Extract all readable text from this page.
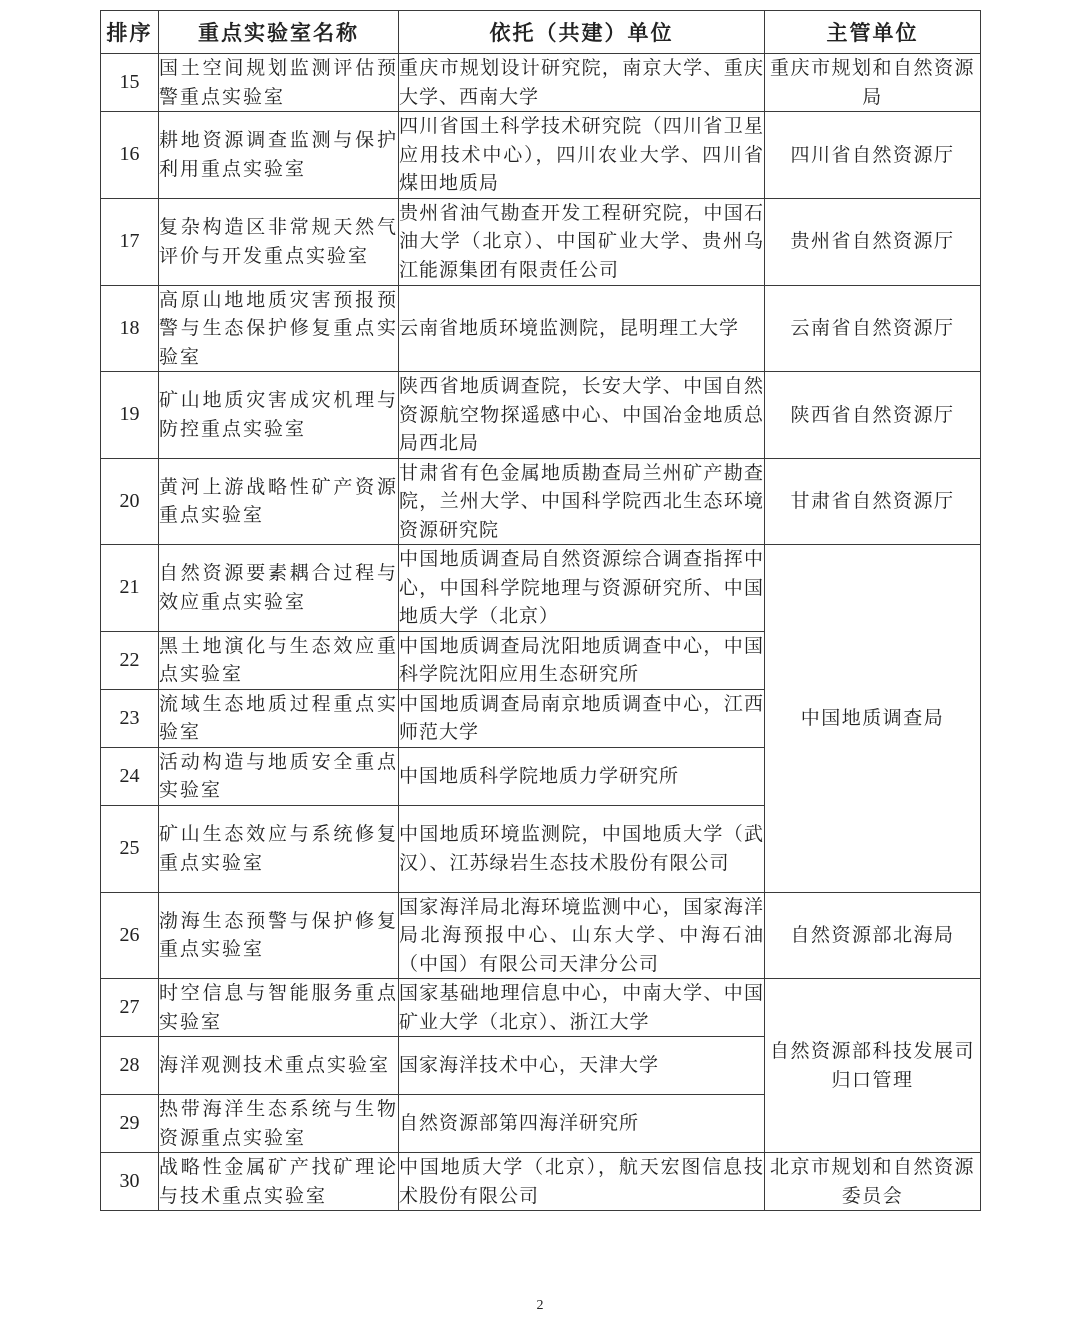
排序	重点实验室名称	依托（共建）单位	主管单位
15	国土空间规划监测评估预警重点实验室	重庆市规划设计研究院，南京大学、重庆大学、西南大学	重庆市规划和自然资源局
16	耕地资源调查监测与保护利用重点实验室	四川省国土科学技术研究院（四川省卫星应用技术中心），四川农业大学、四川省煤田地质局	四川省自然资源厅
17	复杂构造区非常规天然气评价与开发重点实验室	贵州省油气勘查开发工程研究院，中国石油大学（北京）、中国矿业大学、贵州乌江能源集团有限责任公司	贵州省自然资源厅
18	高原山地地质灾害预报预警与生态保护修复重点实验室	云南省地质环境监测院，昆明理工大学	云南省自然资源厅
19	矿山地质灾害成灾机理与防控重点实验室	陕西省地质调查院，长安大学、中国自然资源航空物探遥感中心、中国冶金地质总局西北局	陕西省自然资源厅
20	黄河上游战略性矿产资源重点实验室	甘肃省有色金属地质勘查局兰州矿产勘查院，兰州大学、中国科学院西北生态环境资源研究院	甘肃省自然资源厅
21	自然资源要素耦合过程与效应重点实验室	中国地质调查局自然资源综合调查指挥中心，中国科学院地理与资源研究所、中国地质大学（北京）	中国地质调查局
22	黑土地演化与生态效应重点实验室	中国地质调查局沈阳地质调查中心，中国科学院沈阳应用生态研究所	
23	流域生态地质过程重点实验室	中国地质调查局南京地质调查中心，江西师范大学	
24	活动构造与地质安全重点实验室	中国地质科学院地质力学研究所	
25	矿山生态效应与系统修复重点实验室	中国地质环境监测院，中国地质大学（武汉）、江苏绿岩生态技术股份有限公司	
26	渤海生态预警与保护修复重点实验室	国家海洋局北海环境监测中心，国家海洋局北海预报中心、山东大学、中海石油（中国）有限公司天津分公司	自然资源部北海局
27	时空信息与智能服务重点实验室	国家基础地理信息中心，中南大学、中国矿业大学（北京）、浙江大学	自然资源部科技发展司归口管理
28	海洋观测技术重点实验室	国家海洋技术中心，天津大学	
29	热带海洋生态系统与生物资源重点实验室	自然资源部第四海洋研究所	
30	战略性金属矿产找矿理论与技术重点实验室	中国地质大学（北京），航天宏图信息技术股份有限公司	北京市规划和自然资源委员会
2
